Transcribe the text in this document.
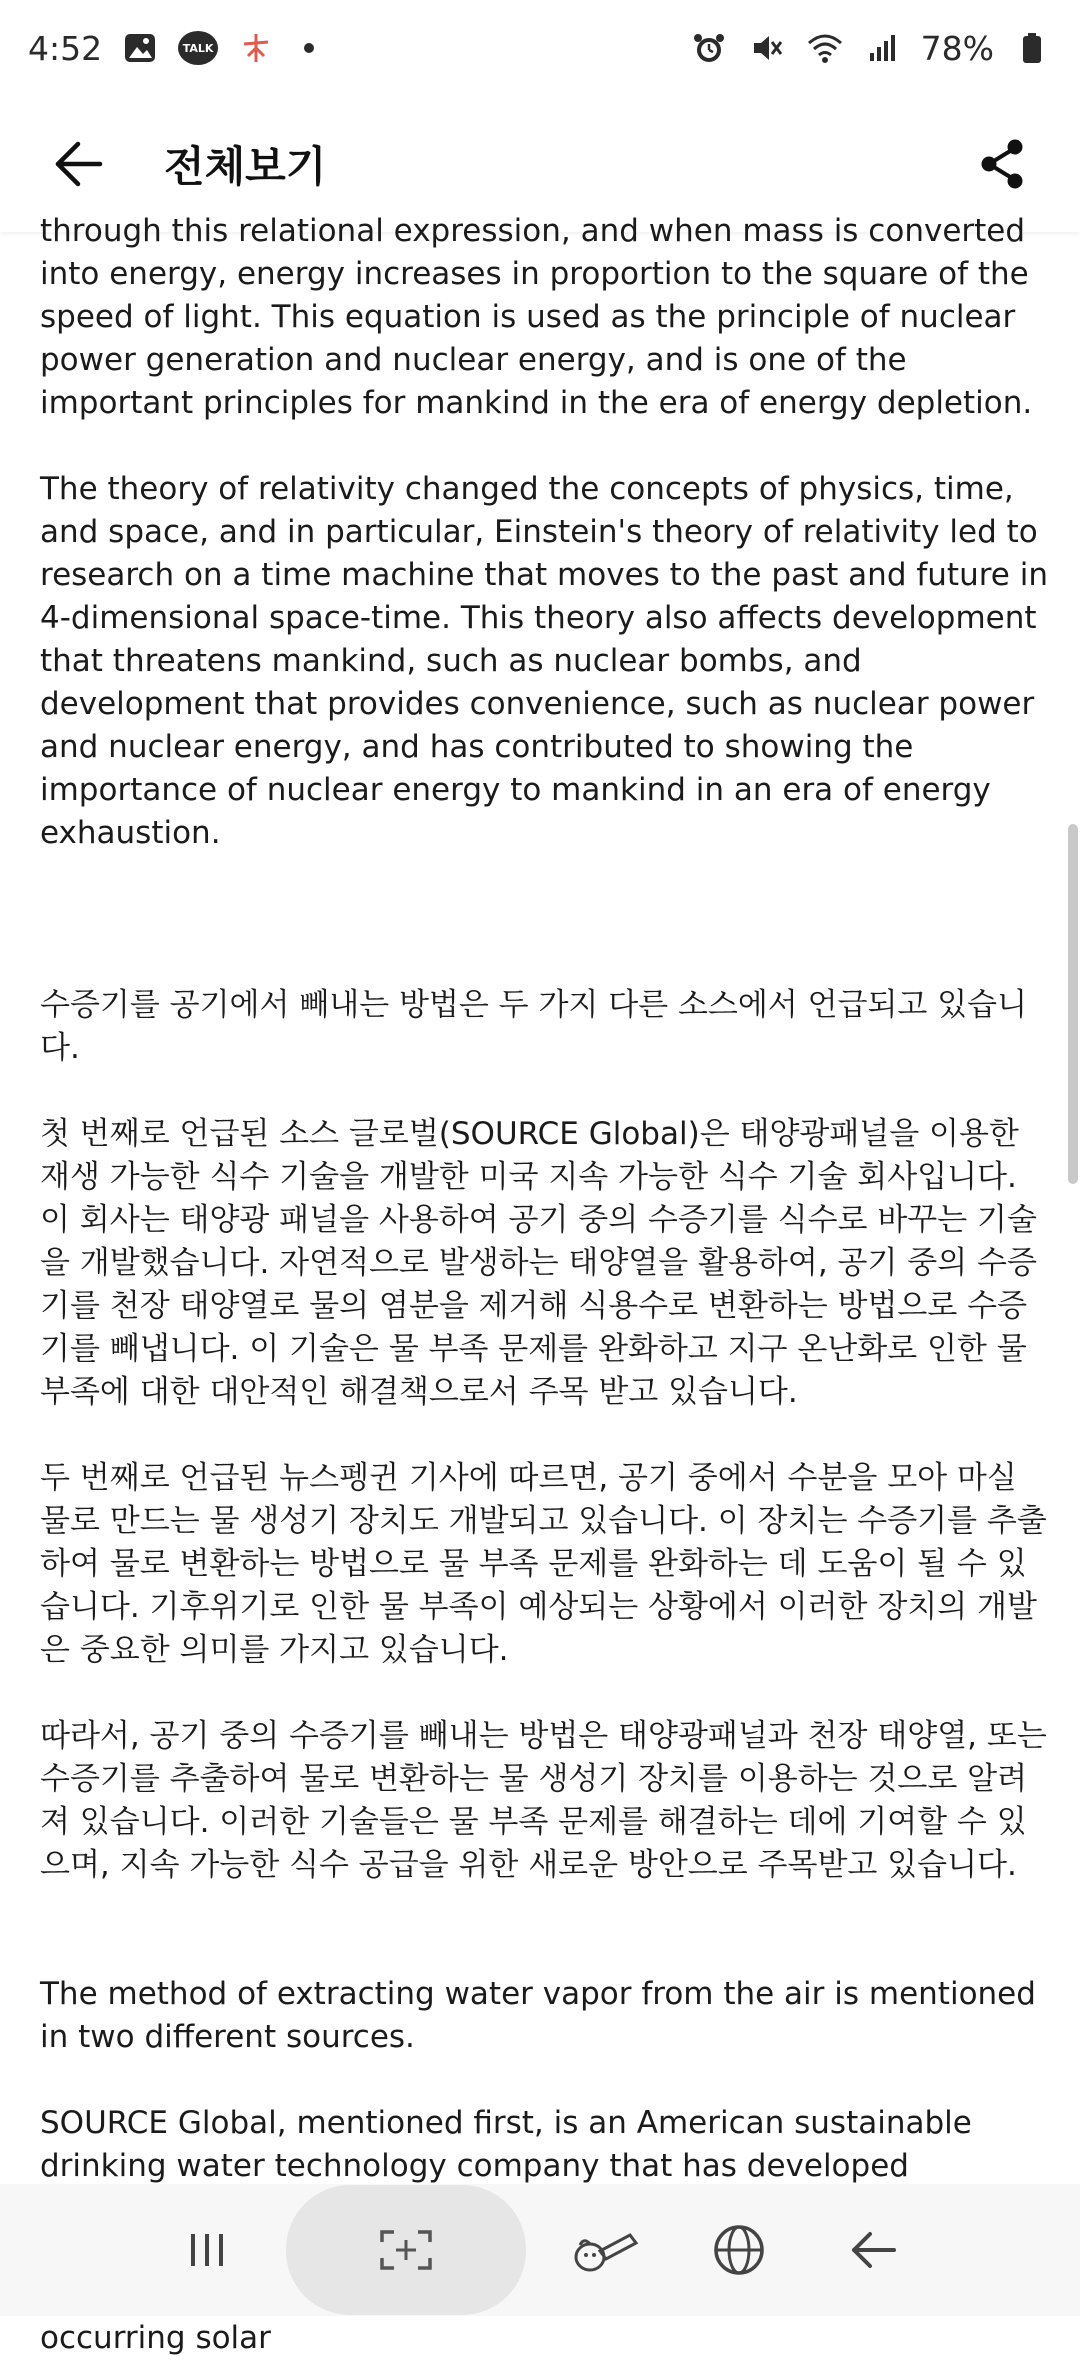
4:52	TALK	78%
전체보기

through this relational expression, and when mass is converted into energy, energy increases in proportion to the square of the speed of light. This equation is used as the principle of nuclear power generation and nuclear energy, and is one of the important principles for mankind in the era of energy depletion.

The theory of relativity changed the concepts of physics, time, and space, and in particular, Einstein's theory of relativity led to research on a time machine that moves to the past and future in 4-dimensional space-time. This theory also affects development that threatens mankind, such as nuclear bombs, and development that provides convenience, such as nuclear power and nuclear energy, and has contributed to showing the importance of nuclear energy to mankind in an era of energy exhaustion.

수증기를 공기에서 빼내는 방법은 두 가지 다른 소스에서 언급되고 있습니다.

첫 번째로 언급된 소스 글로벌(SOURCE Global)은 태양광패널을 이용한 재생 가능한 식수 기술을 개발한 미국 지속 가능한 식수 기술 회사입니다. 이 회사는 태양광 패널을 사용하여 공기 중의 수증기를 식수로 바꾸는 기술을 개발했습니다. 자연적으로 발생하는 태양열을 활용하여, 공기 중의 수증기를 천장 태양열로 물의 염분을 제거해 식용수로 변환하는 방법으로 수증기를 빼냅니다. 이 기술은 물 부족 문제를 완화하고 지구 온난화로 인한 물 부족에 대한 대안적인 해결책으로서 주목 받고 있습니다.

두 번째로 언급된 뉴스펭귄 기사에 따르면, 공기 중에서 수분을 모아 마실 물로 만드는 물 생성기 장치도 개발되고 있습니다. 이 장치는 수증기를 추출하여 물로 변환하는 방법으로 물 부족 문제를 완화하는 데 도움이 될 수 있습니다. 기후위기로 인한 물 부족이 예상되는 상황에서 이러한 장치의 개발은 중요한 의미를 가지고 있습니다.

따라서, 공기 중의 수증기를 빼내는 방법은 태양광패널과 천장 태양열, 또는 수증기를 추출하여 물로 변환하는 물 생성기 장치를 이용하는 것으로 알려져 있습니다. 이러한 기술들은 물 부족 문제를 해결하는 데에 기여할 수 있으며, 지속 가능한 식수 공급을 위한 새로운 방안으로 주목받고 있습니다.

The method of extracting water vapor from the air is mentioned in two different sources.

SOURCE Global, mentioned first, is an American sustainable drinking water technology company that has developed                              occurring solar
